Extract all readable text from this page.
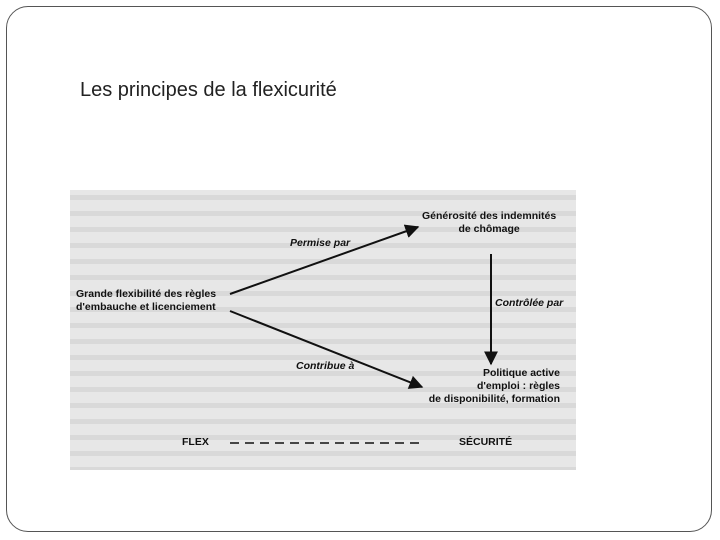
Les principes de la flexicurité
Grande flexibilité des règles
d'embauche et licenciement
Générosité des indemnités
de chômage
Politique active
d'emploi : règles
de disponibilité, formation
Permise par
Contribue à
Contrôlée par
FLEX	SÉCURITÉ
